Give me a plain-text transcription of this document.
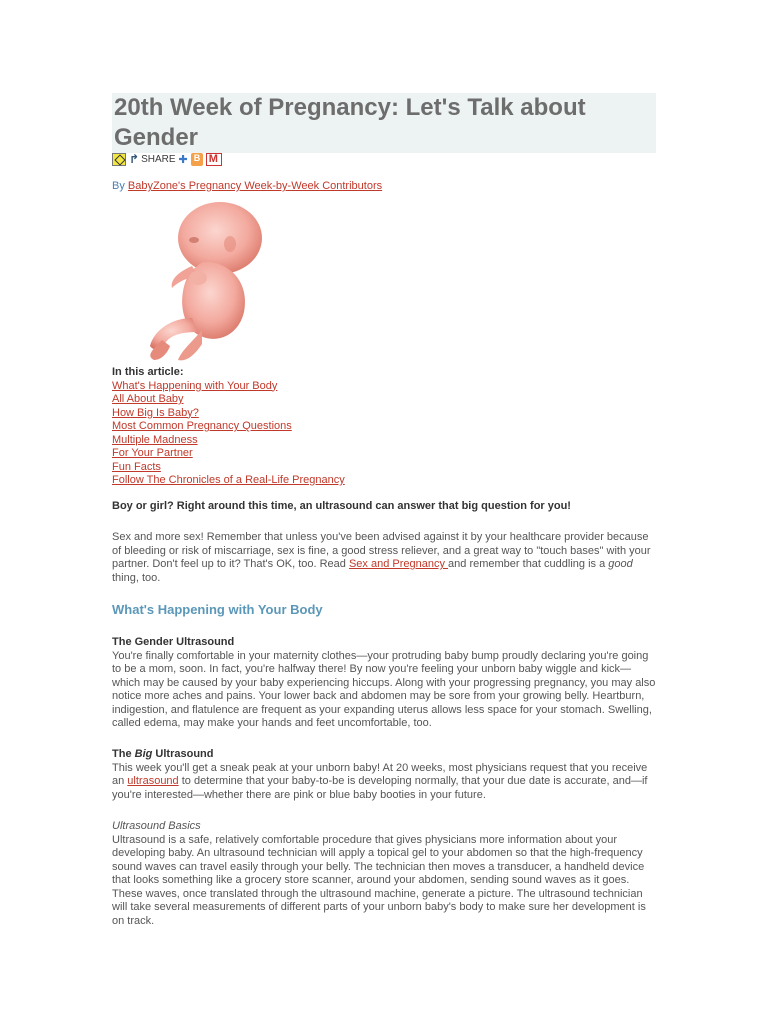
20th Week of Pregnancy: Let's Talk about Gender
↱ SHARE ✚
B
M
By BabyZone's Pregnancy Week-by-Week Contributors
In this article:
What's Happening with Your Body
All About Baby
How Big Is Baby?
Most Common Pregnancy Questions
Multiple Madness
For Your Partner
Fun Facts
Follow The Chronicles of a Real-Life Pregnancy
Boy or girl? Right around this time, an ultrasound can answer that big question for you!
Sex and more sex! Remember that unless you've been advised against it by your healthcare provider because of bleeding or risk of miscarriage, sex is fine, a good stress reliever, and a great way to "touch bases" with your partner. Don't feel up to it? That's OK, too. Read Sex and Pregnancy and remember that cuddling is a good thing, too.
What's Happening with Your Body
The Gender Ultrasound
You're finally comfortable in your maternity clothes—your protruding baby bump proudly declaring you're going to be a mom, soon. In fact, you're halfway there! By now you're feeling your unborn baby wiggle and kick—which may be caused by your baby experiencing hiccups. Along with your progressing pregnancy, you may also notice more aches and pains. Your lower back and abdomen may be sore from your growing belly. Heartburn, indigestion, and flatulence are frequent as your expanding uterus allows less space for your stomach. Swelling, called edema, may make your hands and feet uncomfortable, too.
The Big Ultrasound
This week you'll get a sneak peak at your unborn baby! At 20 weeks, most physicians request that you receive an ultrasound to determine that your baby-to-be is developing normally, that your due date is accurate, and—if you're interested—whether there are pink or blue baby booties in your future.
Ultrasound Basics
Ultrasound is a safe, relatively comfortable procedure that gives physicians more information about your developing baby. An ultrasound technician will apply a topical gel to your abdomen so that the high-frequency sound waves can travel easily through your belly. The technician then moves a transducer, a handheld device that looks something like a grocery store scanner, around your abdomen, sending sound waves as it goes. These waves, once translated through the ultrasound machine, generate a picture. The ultrasound technician will take several measurements of different parts of your unborn baby's body to make sure her development is on track.
